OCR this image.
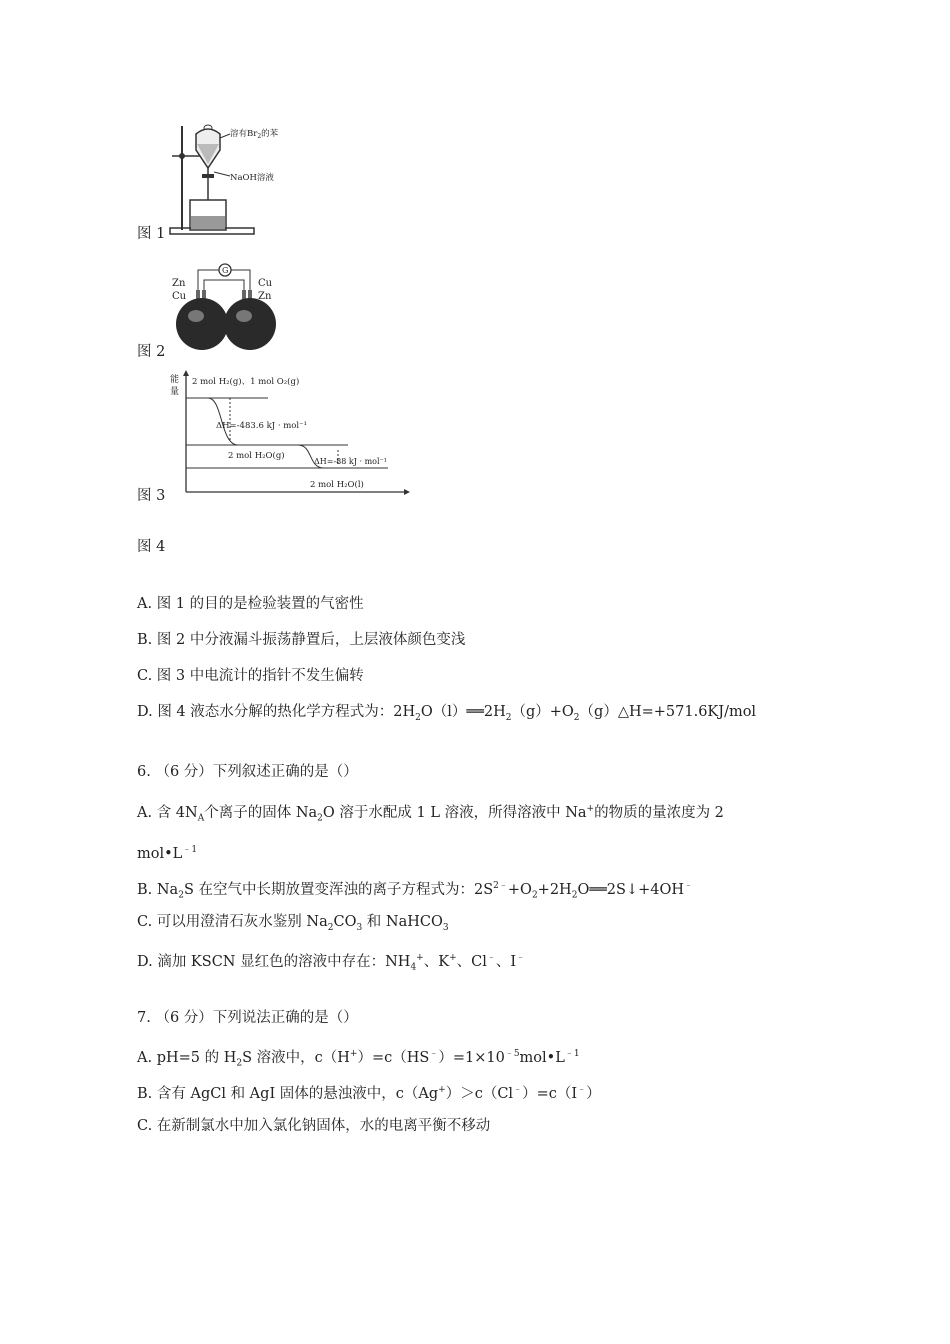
溶有$Br_2$的苯
NaOH溶液
图 1
G
Zn
Cu
Cu
Zn
图 2
能
量
2 mol H₂(g)、1 mol O₂(g)
ΔH=-483.6 kJ · mol⁻¹
2 mol H₂O(g)
ΔH=-88 kJ · mol⁻¹
2 mol H₂O(l)
图 3
图 4
A. 图 1 的目的是检验装置的气密性
B. 图 2 中分液漏斗振荡静置后，上层液体颜色变浅
C. 图 3 中电流计的指针不发生偏转
D. 图 4 液态水分解的热化学方程式为：$2H_2O(l)══2H_2(g)+O_2(g)\triangle H=+571.6KJ$/mol
6. （6 分）下列叙述正确的是（）
A. 含 $4N_A$个离子的固体 $Na_2O$ 溶于水配成 1 L 溶液，所得溶液中 Na+的物质的量浓度为 2
$mol•L^{﹣1}$
B. $Na_2S$ 在空气中长期放置变浑浊的离子方程式为：$2S^{2﹣}+O_2+2H_2O══2S↓+4OH^﹣$
C. 可以用澄清石灰水鉴别 $Na_2CO_3$ 和 NaHCO$_3$
D. 滴加 KSCN 显红色的溶液中存在：$NH_4^+$、K+、Cl﹣、I﹣
7. （6 分）下列说法正确的是（）
A. pH=5 的 $H_2S$ 溶液中，$c(H^+)=c(HS^﹣)=1\times 10^{﹣5}mol•L^{﹣1}$
B. 含有 AgCl 和 AgI 固体的悬浊液中，c（Ag+）＞c（Cl﹣）=c（I﹣）
C. 在新制氯水中加入氯化钠固体，水的电离平衡不移动
